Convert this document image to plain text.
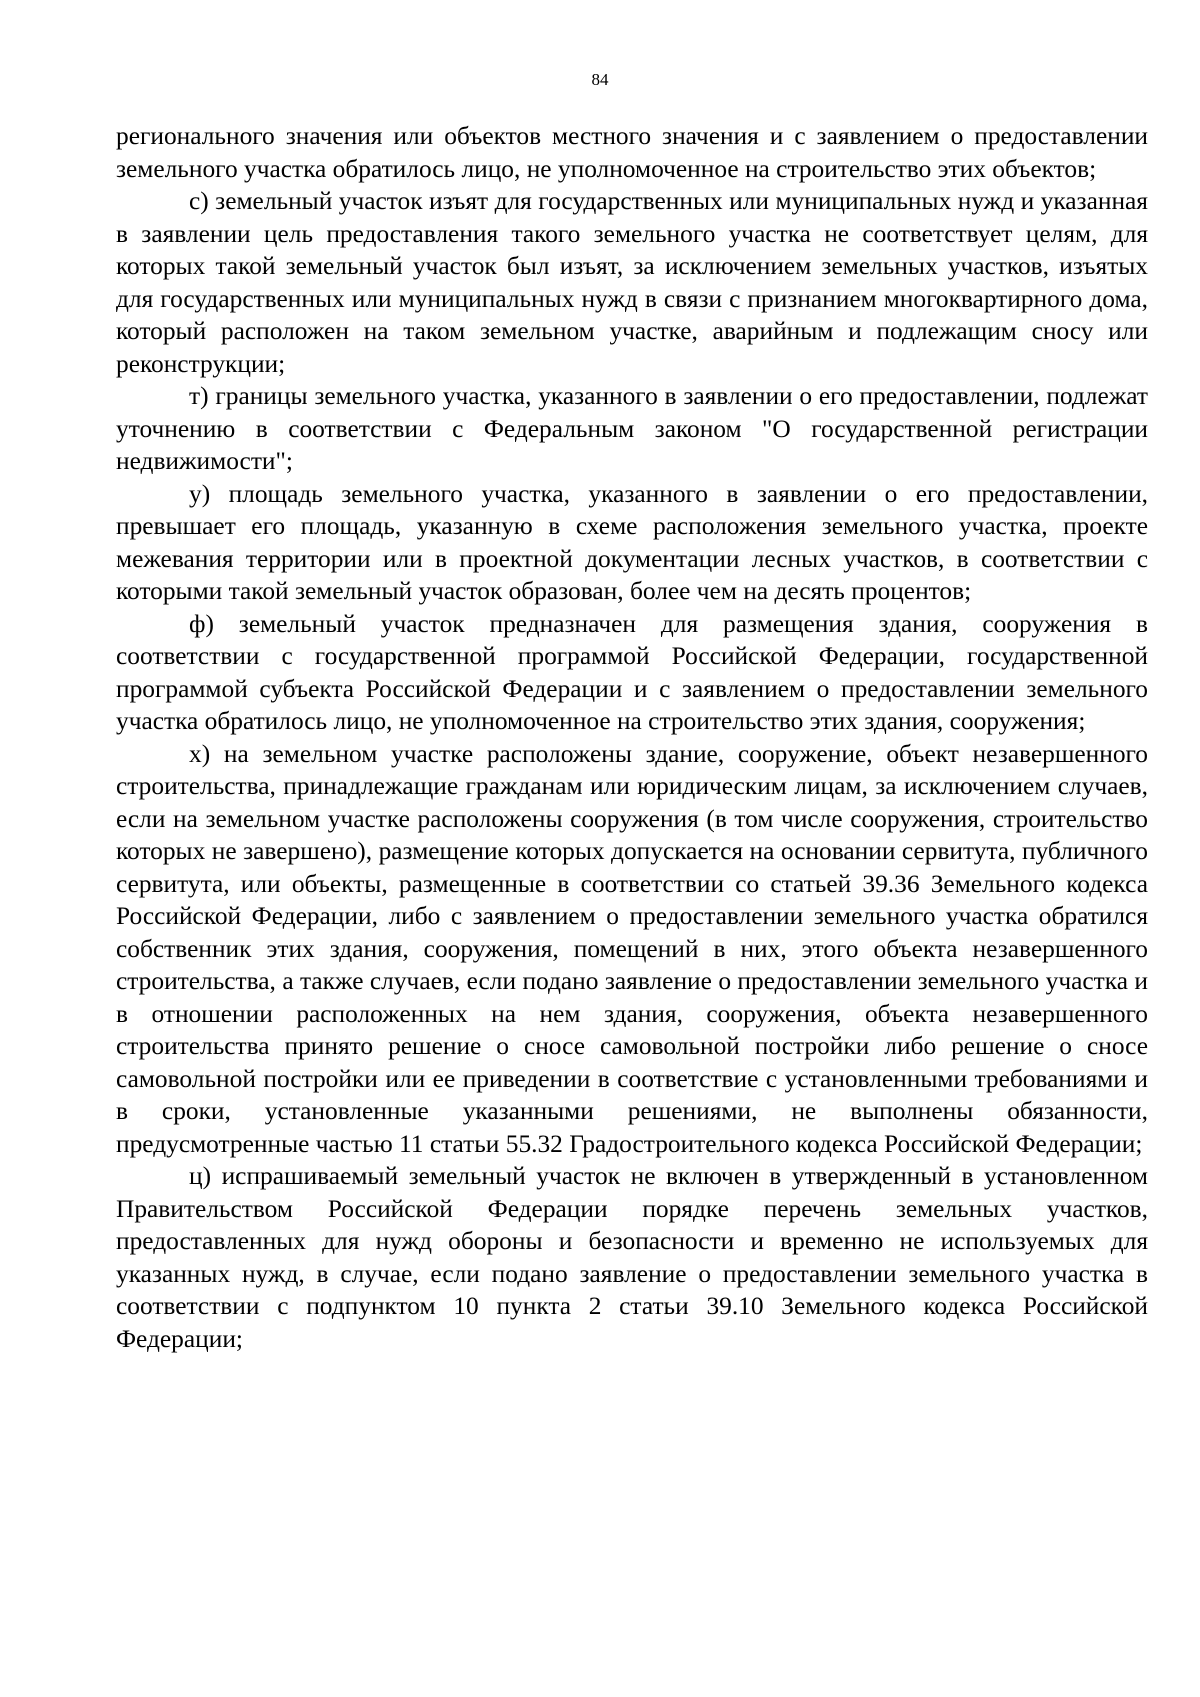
84

регионального значения или объектов местного значения и с заявлением о предоставлении земельного участка обратилось лицо, не уполномоченное на строительство этих объектов;

с) земельный участок изъят для государственных или муниципальных нужд и указанная в заявлении цель предоставления такого земельного участка не соответствует целям, для которых такой земельный участок был изъят, за исключением земельных участков, изъятых для государственных или муниципальных нужд в связи с признанием многоквартирного дома, который расположен на таком земельном участке, аварийным и подлежащим сносу или реконструкции;

т) границы земельного участка, указанного в заявлении о его предоставлении, подлежат уточнению в соответствии с Федеральным законом "О государственной регистрации недвижимости";

у) площадь земельного участка, указанного в заявлении о его предоставлении, превышает его площадь, указанную в схеме расположения земельного участка, проекте межевания территории или в проектной документации лесных участков, в соответствии с которыми такой земельный участок образован, более чем на десять процентов;

ф) земельный участок предназначен для размещения здания, сооружения в соответствии с государственной программой Российской Федерации, государственной программой субъекта Российской Федерации и с заявлением о предоставлении земельного участка обратилось лицо, не уполномоченное на строительство этих здания, сооружения;

х) на земельном участке расположены здание, сооружение, объект незавершенного строительства, принадлежащие гражданам или юридическим лицам, за исключением случаев, если на земельном участке расположены сооружения (в том числе сооружения, строительство которых не завершено), размещение которых допускается на основании сервитута, публичного сервитута, или объекты, размещенные в соответствии со статьей 39.36 Земельного кодекса Российской Федерации, либо с заявлением о предоставлении земельного участка обратился собственник этих здания, сооружения, помещений в них, этого объекта незавершенного строительства, а также случаев, если подано заявление о предоставлении земельного участка и в отношении расположенных на нем здания, сооружения, объекта незавершенного строительства принято решение о сносе самовольной постройки либо решение о сносе самовольной постройки или ее приведении в соответствие с установленными требованиями и в сроки, установленные указанными решениями, не выполнены обязанности, предусмотренные частью 11 статьи 55.32 Градостроительного кодекса Российской Федерации;

ц) испрашиваемый земельный участок не включен в утвержденный в установленном Правительством Российской Федерации порядке перечень земельных участков, предоставленных для нужд обороны и безопасности и временно не используемых для указанных нужд, в случае, если подано заявление о предоставлении земельного участка в соответствии с подпунктом 10 пункта 2 статьи 39.10 Земельного кодекса Российской Федерации;
